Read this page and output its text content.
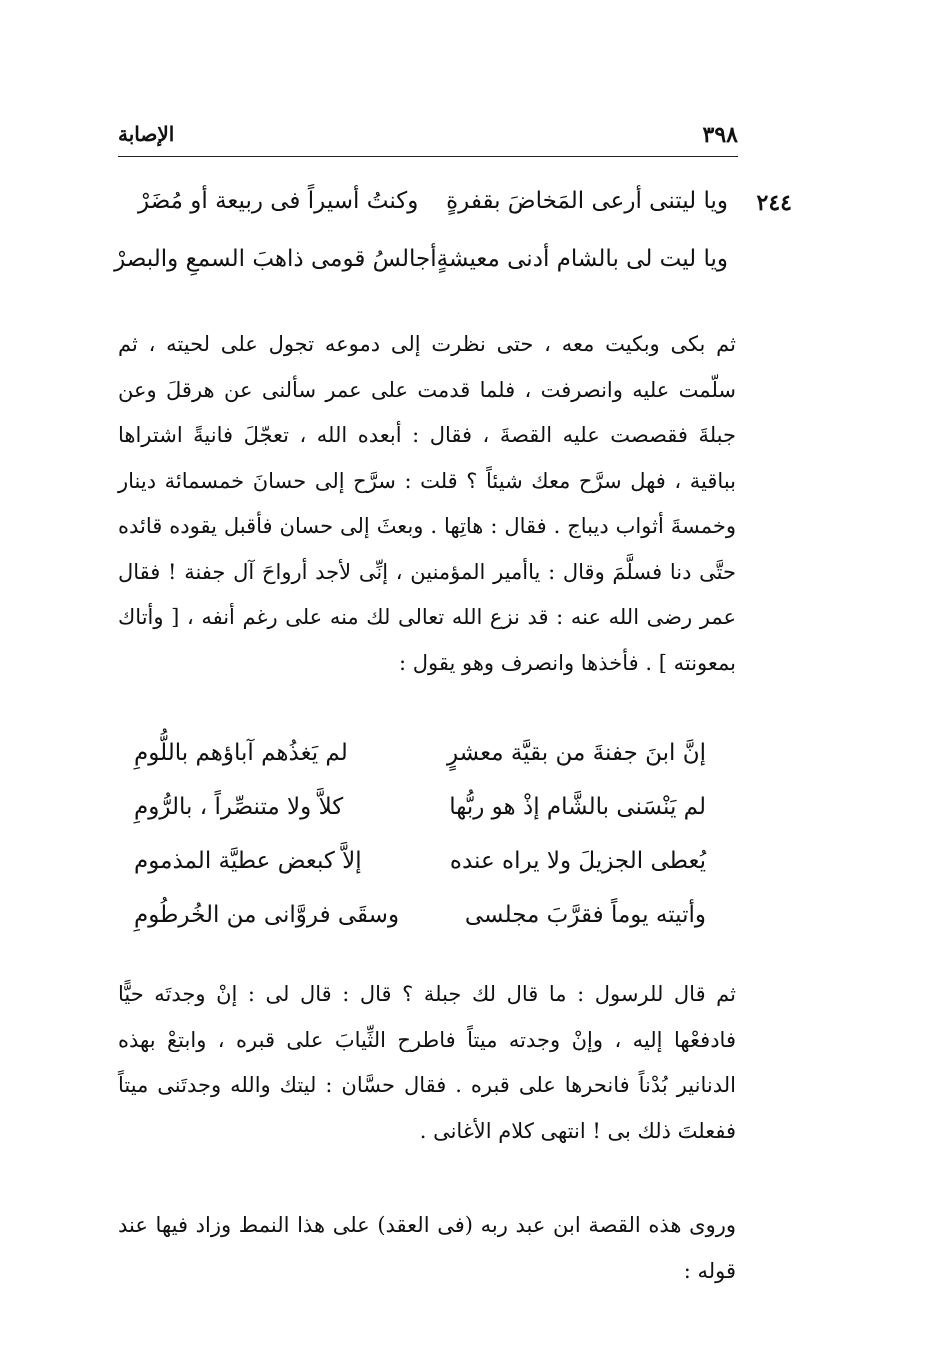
٣٩٨
الإصابة
٢٤٤
ويا ليتنى أرعى المَخاضَ بقفرةٍ
وكنتُ أسيراً فى ربيعة أو مُضَرْ
ويا ليت لى بالشام أدنى معيشةٍ
أجالسُ قومى ذاهبَ السمعِ والبصرْ

ثم بكى وبكيت معه ، حتى نظرت إلى دموعه تجول على لحيته ، ثم سلّمت عليه وانصرفت ، فلما قدمت على عمر سألنى عن هرقلَ وعن جبلةَ فقصصت عليه القصةَ ، فقال : أبعده الله ، تعجّلَ فانيةً اشتراها بباقية ، فهل سرَّح معك شيئاً ؟ قلت : سرَّح إلى حسانَ خمسمائة دينار وخمسةَ أثواب ديباج . فقال : هاتِها . وبعثَ إلى حسان فأقبل يقوده قائده حتَّى دنا فسلَّمَ وقال : ياأمير المؤمنين ، إنِّى لأجد أرواحَ آل جفنة ! فقال عمر رضى الله عنه : قد نزع الله تعالى لك منه على رغم أنفه ، [ وأتاك بمعونته ] . فأخذها وانصرف وهو يقول :

إنَّ ابنَ جفنةَ من بقيَّة معشرٍ
لم يَغذُهم آباؤهم باللُّومِ
لم يَنْسَنى بالشَّام إذْ هو ربُّها
كلاَّ ولا متنصِّراً ، بالرُّومِ
يُعطى الجزيلَ ولا يراه عنده
إلاَّ كبعض عطيَّة المذموم
وأتيته يوماً فقرَّبَ مجلسى
وسقَى فروَّانى من الخُرطُومِ

ثم قال للرسول : ما قال لك جبلة ؟ قال : قال لى : إنْ وجدتَه حيًّا فادفعْها إليه ، وإنْ وجدته ميتاً فاطرح الثِّيابَ على قبره ، وابتعْ بهذه الدنانير بُدْناً فانحرها على قبره . فقال حسَّان : ليتك والله وجدتَنى ميتاً ففعلتَ ذلك بى ! انتهى كلام الأغانى .

وروى هذه القصة ابن عبد ربه (فى العقد) على هذا النمط وزاد فيها عند قوله :
